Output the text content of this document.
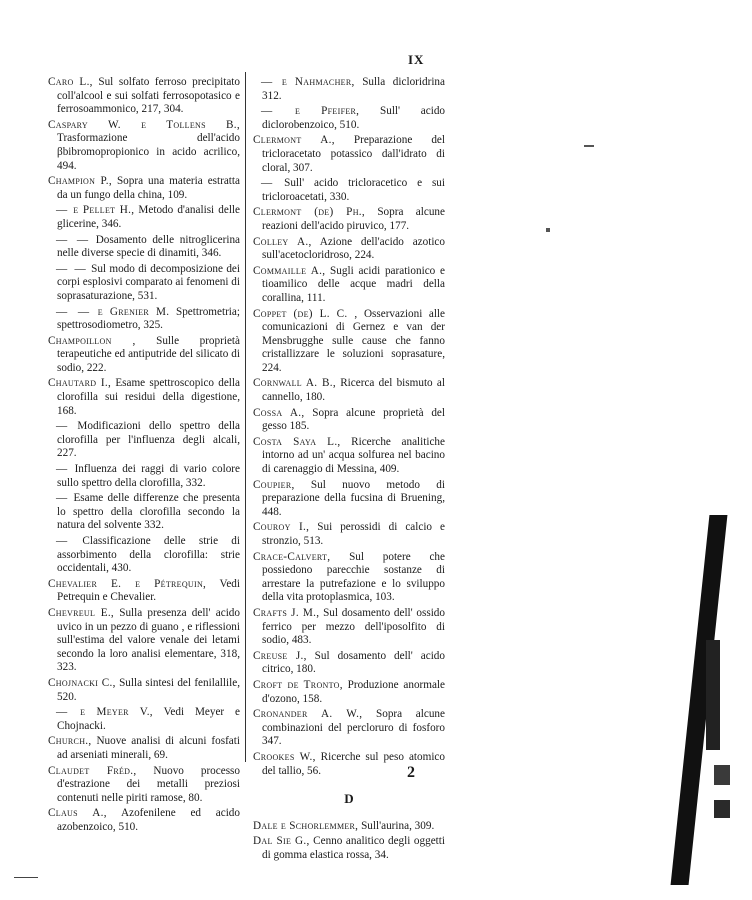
IX

Caro L., Sul solfato ferroso precipitato coll'alcool e sui solfati ferrosopotasico e ferrosoammonico, 217, 304.

Caspary W. e Tollens B., Trasformazione dell'acido βbibromopropionico in acido acrilico, 494.

Champion P., Sopra una materia estratta da un fungo della china, 109.

— e Pellet H., Metodo d'analisi delle glicerine, 346.

— — Dosamento delle nitroglicerina nelle diverse specie di dinamiti, 346.

— — Sul modo di decomposizione dei corpi esplosivi comparato ai fenomeni di soprasaturazione, 531.

— — e Grenier M. Spettrometria; spettrosodiometro, 325.

Champoillon , Sulle proprietà terapeutiche ed antiputride del silicato di sodio, 222.

Chautard I., Esame spettroscopico della clorofilla sui residui della digestione, 168.

— Modificazioni dello spettro della clorofilla per l'influenza degli alcali, 227.

— Influenza dei raggi di vario colore sullo spettro della clorofilla, 332.

— Esame delle differenze che presenta lo spettro della clorofilla secondo la natura del solvente 332.

— Classificazione delle strie di assorbimento della clorofilla: strie occidentali, 430.

Chevalier E. e Pétrequin, Vedi Petrequin e Chevalier.

Chevreul E., Sulla presenza dell' acido uvico in un pezzo di guano , e riflessioni sull'estima del valore venale dei letami secondo la loro analisi elementare, 318, 323.

Chojnacki C., Sulla sintesi del fenilallile, 520.

— e Meyer V., Vedi Meyer e Chojnacki.

Church., Nuove analisi di alcuni fosfati ad arseniati minerali, 69.

Claudet Fréd., Nuovo processo d'estrazione dei metalli preziosi contenuti nelle piriti ramose, 80.

Claus A., Azofenilene ed acido azobenzoico, 510.

— e Nahmacher, Sulla dicloridrina 312.

— e Pfeifer, Sull' acido diclorobenzoico, 510.

Clermont A., Preparazione del tricloracetato potassico dall'idrato di cloral, 307.

— Sull' acido tricloracetico e sui tricloroacetati, 330.

Clermont (de) Ph., Sopra alcune reazioni dell'acido piruvico, 177.

Colley A., Azione dell'acido azotico sull'acetocloridroso, 224.

Commaille A., Sugli acidi parationico e tioamilico delle acque madri della corallina, 111.

Coppet (de) L. C. , Osservazioni alle comunicazioni di Gernez e van der Mensbrugghe sulle cause che fanno cristallizzare le soluzioni soprasature, 224.

Cornwall A. B., Ricerca del bismuto al cannello, 180.

Cossa A., Sopra alcune proprietà del gesso 185.

Costa Saya L., Ricerche analitiche intorno ad un' acqua solfurea nel bacino di carenaggio di Messina, 409.

Coupier, Sul nuovo metodo di preparazione della fucsina di Bruening, 448.

Couroy I., Sui perossidi di calcio e stronzio, 513.

Crace-Calvert, Sul potere che possiedono parecchie sostanze di arrestare la putrefazione e lo sviluppo della vita protoplasmica, 103.

Crafts J. M., Sul dosamento dell' ossido ferrico per mezzo dell'iposolfito di sodio, 483.

Creuse J., Sul dosamento dell' acido citrico, 180.

Croft de Tronto, Produzione anormale d'ozono, 158.

Cronander A. W., Sopra alcune combinazioni del percloruro di fosforo 347.

Crookes W., Ricerche sul peso atomico del tallio, 56.

D

Dale e Schorlemmer, Sull'aurina, 309.

Dal Sie G., Cenno analitico degli oggetti di gomma elastica rossa, 34.

2
